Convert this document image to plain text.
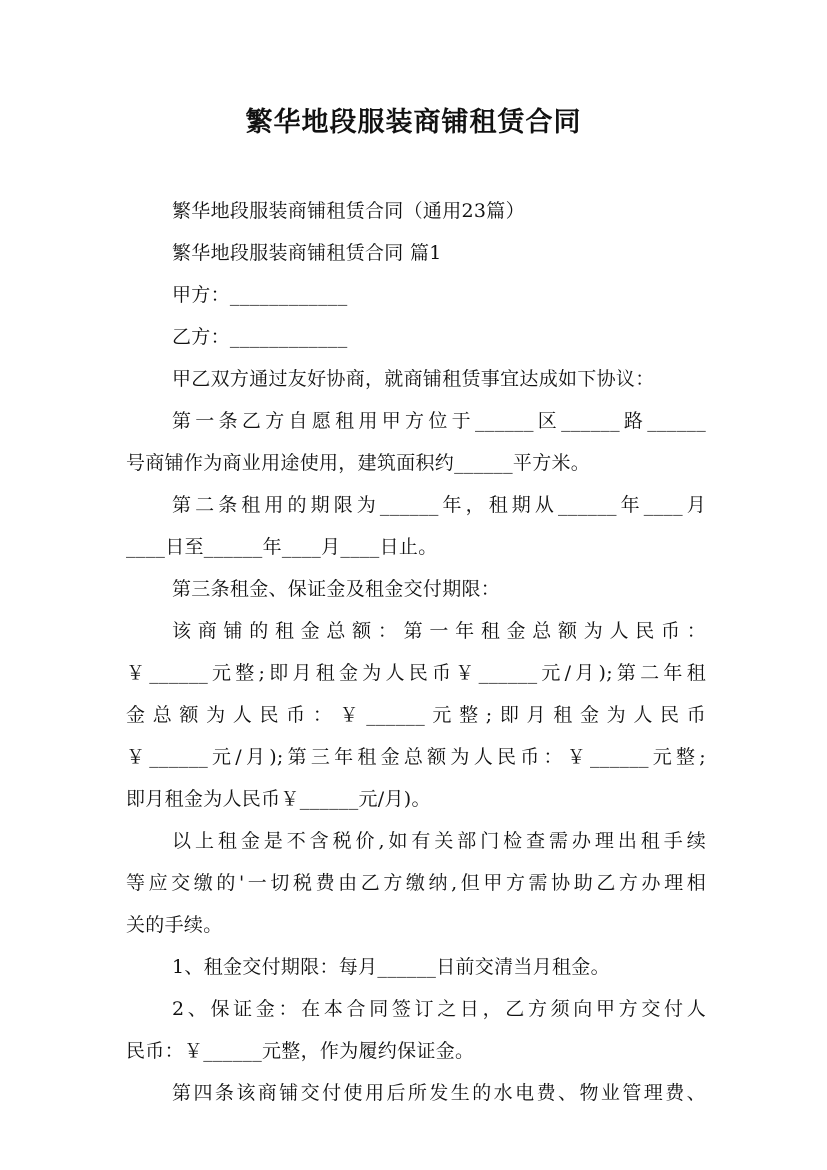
繁华地段服装商铺租赁合同
繁华地段服装商铺租赁合同（通用23篇）
繁华地段服装商铺租赁合同 篇1
甲方：____________
乙方：____________
甲乙双方通过友好协商，就商铺租赁事宜达成如下协议：
第一条乙方自愿租用甲方位于______区______路______
号商铺作为商业用途使用，建筑面积约______平方米。
第二条租用的期限为______年，租期从______年____月
____日至______年____月____日止。
第三条租金、保证金及租金交付期限：
该商铺的租金总额：第一年租金总额为人民币：
￥______元整;即月租金为人民币￥______元/月);第二年租
金总额为人民币：￥______元整;即月租金为人民币
￥______元/月);第三年租金总额为人民币：￥______元整;
即月租金为人民币￥______元/月)。
以上租金是不含税价,如有关部门检查需办理出租手续
等应交缴的'一切税费由乙方缴纳,但甲方需协助乙方办理相
关的手续。
1、租金交付期限：每月______日前交清当月租金。
2、保证金：在本合同签订之日，乙方须向甲方交付人
民币：￥______元整，作为履约保证金。
第四条该商铺交付使用后所发生的水电费、物业管理费、
